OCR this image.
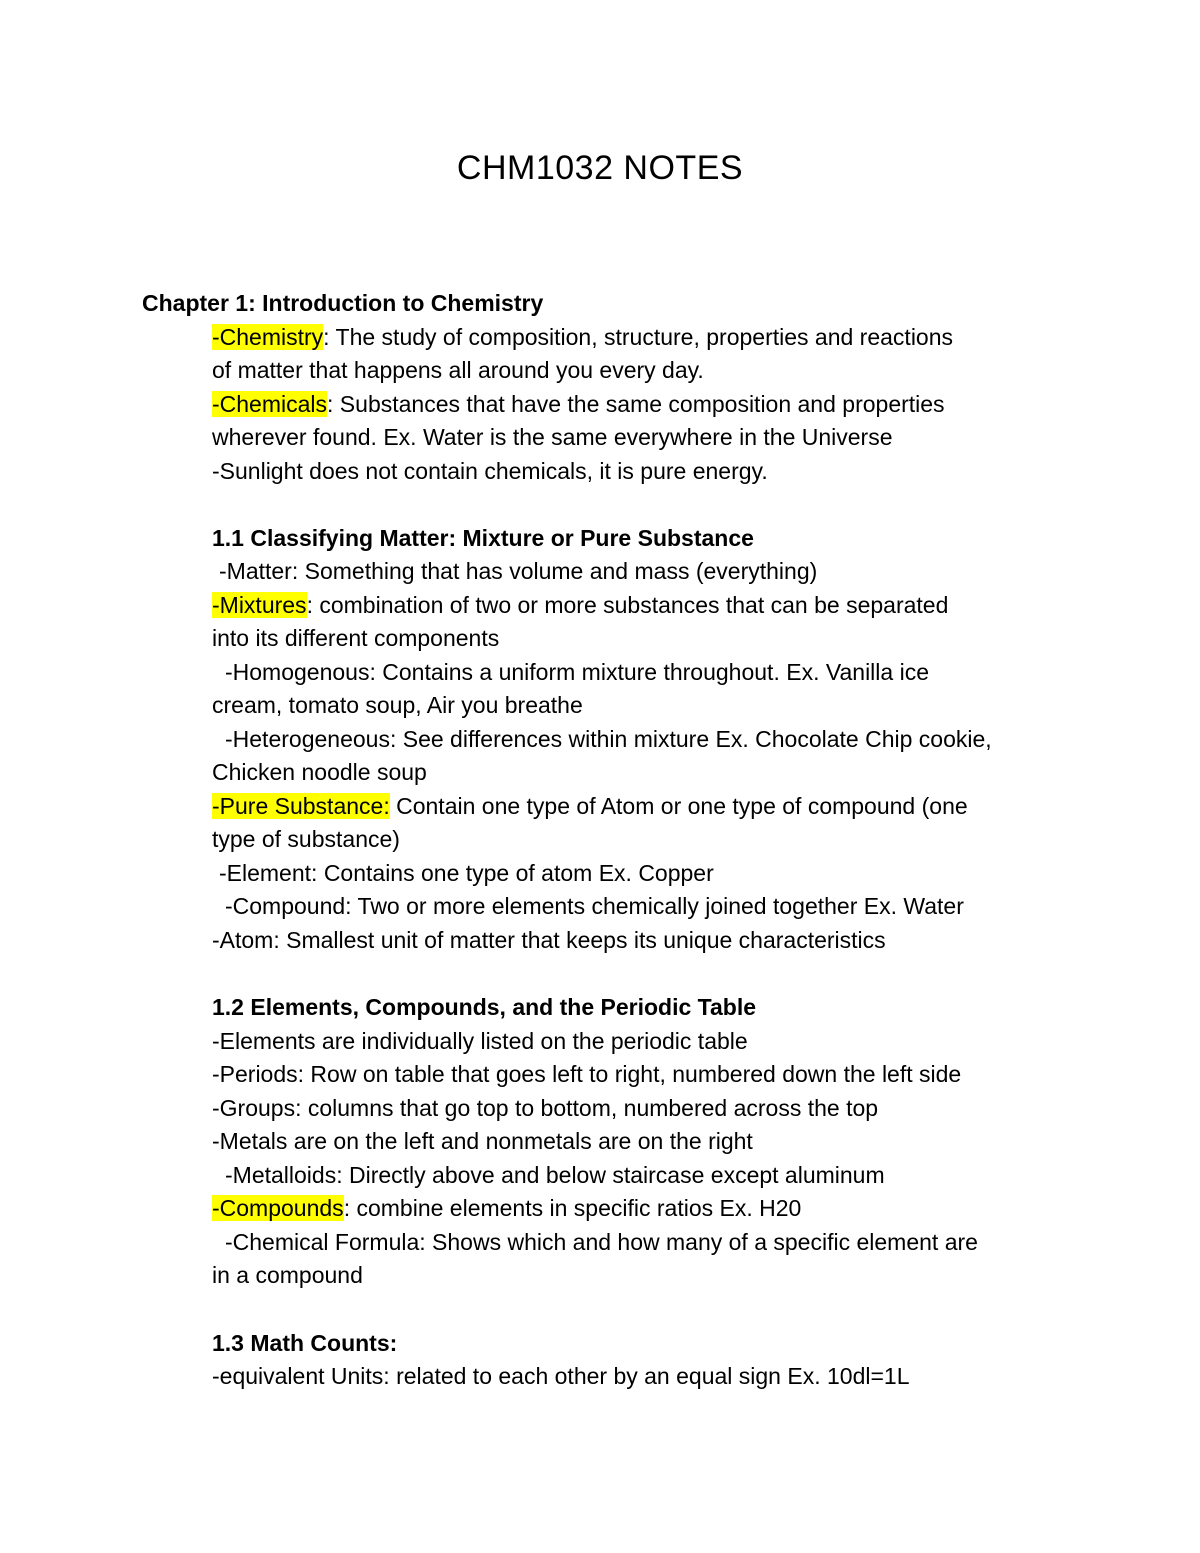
CHM1032 NOTES
Chapter 1: Introduction to Chemistry
-Chemistry: The study of composition, structure, properties and reactions
of matter that happens all around you every day.
-Chemicals: Substances that have the same composition and properties
wherever found. Ex. Water is the same everywhere in the Universe
-Sunlight does not contain chemicals, it is pure energy.
1.1 Classifying Matter: Mixture or Pure Substance
-Matter: Something that has volume and mass (everything)
-Mixtures: combination of two or more substances that can be separated
into its different components
-Homogenous: Contains a uniform mixture throughout. Ex. Vanilla ice
cream, tomato soup, Air you breathe
-Heterogeneous: See differences within mixture Ex. Chocolate Chip cookie,
Chicken noodle soup
-Pure Substance: Contain one type of Atom or one type of compound (one
type of substance)
-Element: Contains one type of atom Ex. Copper
-Compound: Two or more elements chemically joined together Ex. Water
-Atom: Smallest unit of matter that keeps its unique characteristics
1.2 Elements, Compounds, and the Periodic Table
-Elements are individually listed on the periodic table
-Periods: Row on table that goes left to right, numbered down the left side
-Groups: columns that go top to bottom, numbered across the top
-Metals are on the left and nonmetals are on the right
-Metalloids: Directly above and below staircase except aluminum
-Compounds: combine elements in specific ratios Ex. H20
-Chemical Formula: Shows which and how many of a specific element are
in a compound
1.3 Math Counts:
-equivalent Units: related to each other by an equal sign Ex. 10dl=1L
